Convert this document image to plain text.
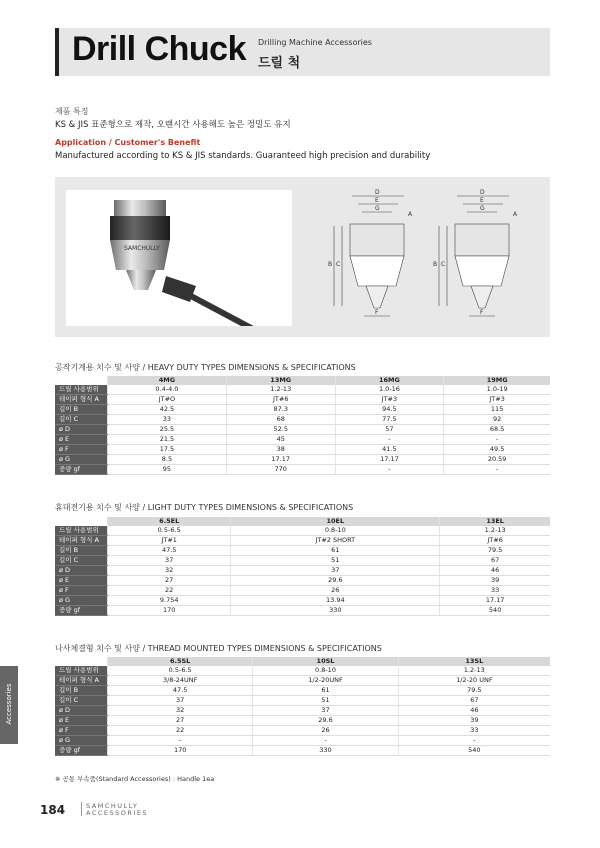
Drill Chuck Drilling Machine Accessories
드릴 척
제품 특징
KS & JIS 표준형으로 제작, 오랜시간 사용해도 높은 정밀도 유지
Application / Customer's Benefit
Manufactured according to KS & JIS standards. Guaranteed high precision and durability
SAMCHULLY
D
E
G
A
B C
F
D
E
G
A
B C
F
공작기계용 치수 및 사양 / HEAVY DUTY TYPES DIMENSIONS & SPECIFICATIONS
	4MG	13MG	16MG	19MG
드릴 사용범위	0.4-4.0	1.2-13	1.0-16	1.0-19
테이퍼 형식 A	JT#O	JT#6	JT#3	JT#3
길이 B	42.5	87.3	94.5	115
길이 C	33	68	77.5	92
ø D	25.5	52.5	57	68.5
ø E	21.5	45	-	-
ø F	17.5	38	41.5	49.5
ø G	8.5	17.17	17.17	20.59
중량 gf	95	770	-	-
휴대전기용 치수 및 사양 / LIGHT DUTY TYPES DIMENSIONS & SPECIFICATIONS
	6.5EL	10EL	13EL
드릴 사용범위	0.5-6.5	0.8-10	1.2-13
테이퍼 형식 A	JT#1	JT#2 SHORT	JT#6
길이 B	47.5	61	79.5
길이 C	37	51	67
ø D	32	37	46
ø E	27	29.6	39
ø F	22	26	33
ø G	9.754	13.94	17.17
중량 gf	170	330	540
나사체결형 치수 및 사양 / THREAD MOUNTED TYPES DIMENSIONS & SPECIFICATIONS
	6.5SL	10SL	13SL
드릴 사용범위	0.5-6.5	0.8-10	1.2-13
테이퍼 형식 A	3/8-24UNF	1/2-20UNF	1/2-20 UNF
길이 B	47.5	61	79.5
길이 C	37	51	67
ø D	32	37	46
ø E	27	29.6	39
ø F	22	26	33
ø G	-	-	-
중량 gf	170	330	540
※ 공통 부속품(Standard Accessories) : Handle 1ea
Accessories
184	SAMCHULLY
ACCESSORIES
